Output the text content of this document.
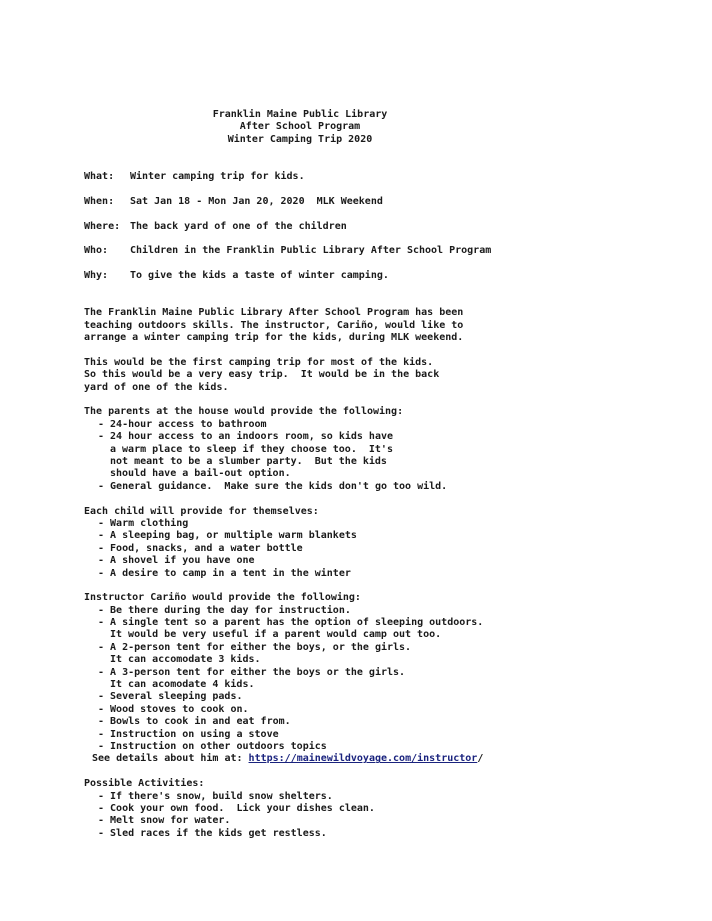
Franklin Maine Public Library
After School Program
Winter Camping Trip 2020
What:	Winter camping trip for kids.
When:	Sat Jan 18 - Mon Jan 20, 2020  MLK Weekend
Where: The back yard of one of the children
Who:	Children in the Franklin Public Library After School Program
Why:	To give the kids a taste of winter camping.
The Franklin Maine Public Library After School Program has been
teaching outdoors skills. The instructor, Cariño, would like to
arrange a winter camping trip for the kids, during MLK weekend.
This would be the first camping trip for most of the kids.
So this would be a very easy trip.  It would be in the back
yard of one of the kids.
The parents at the house would provide the following:
- 24-hour access to bathroom
- 24 hour access to an indoors room, so kids have
a warm place to sleep if they choose too.  It's
not meant to be a slumber party.  But the kids
should have a bail-out option.
- General guidance.  Make sure the kids don't go too wild.
Each child will provide for themselves:
- Warm clothing
- A sleeping bag, or multiple warm blankets
- Food, snacks, and a water bottle
- A shovel if you have one
- A desire to camp in a tent in the winter
Instructor Cariño would provide the following:
- Be there during the day for instruction.
- A single tent so a parent has the option of sleeping outdoors.
It would be very useful if a parent would camp out too.
- A 2-person tent for either the boys, or the girls.
It can accomodate 3 kids.
- A 3-person tent for either the boys or the girls.
It can acomodate 4 kids.
- Several sleeping pads.
- Wood stoves to cook on.
- Bowls to cook in and eat from.
- Instruction on using a stove
- Instruction on other outdoors topics
See details about him at: https://mainewildvoyage.com/instructor/
Possible Activities:
- If there's snow, build snow shelters.
- Cook your own food.  Lick your dishes clean.
- Melt snow for water.
- Sled races if the kids get restless.
